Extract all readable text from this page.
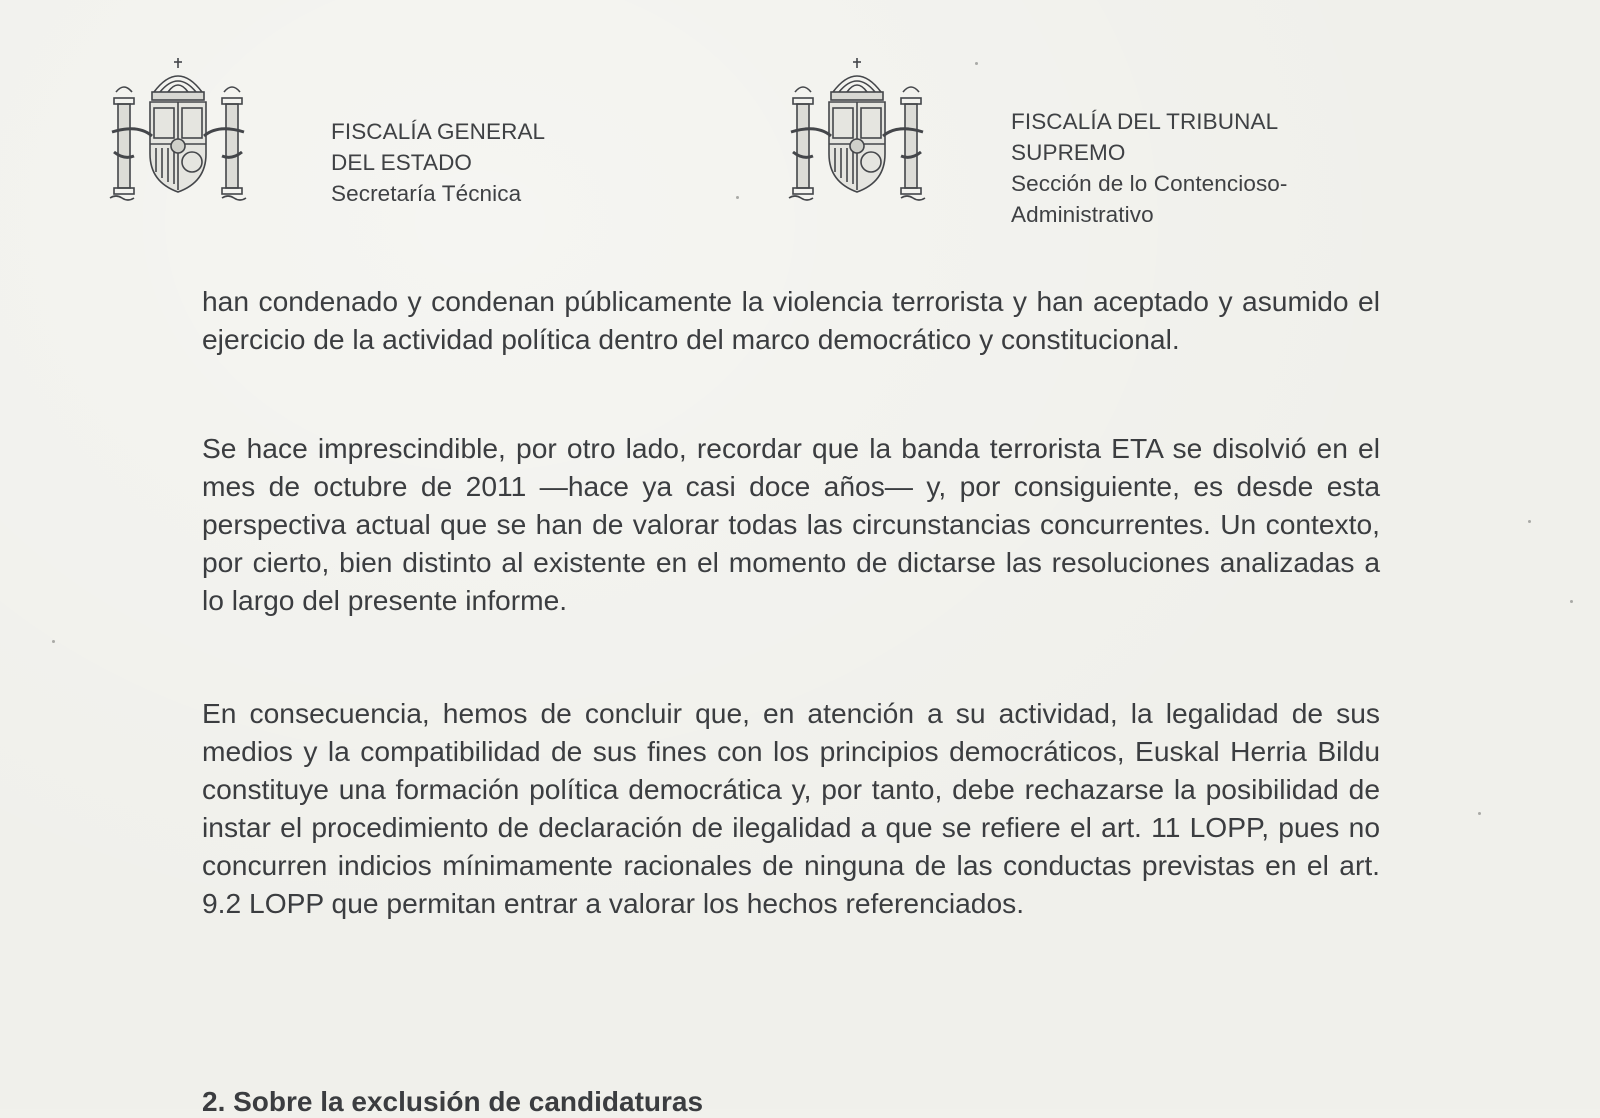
FISCALÍA GENERAL
DEL ESTADO
Secretaría Técnica
FISCALÍA DEL TRIBUNAL
SUPREMO
Sección de lo Contencioso-
Administrativo

han condenado y condenan públicamente la violencia terrorista y han aceptado y asumido el ejercicio de la actividad política dentro del marco democrático y constitucional.

Se hace imprescindible, por otro lado, recordar que la banda terrorista ETA se disolvió en el mes de octubre de 2011 —hace ya casi doce años— y, por consiguiente, es desde esta perspectiva actual que se han de valorar todas las circunstancias concurrentes. Un contexto, por cierto, bien distinto al existente en el momento de dictarse las resoluciones analizadas a lo largo del presente informe.

En consecuencia, hemos de concluir que, en atención a su actividad, la legalidad de sus medios y la compatibilidad de sus fines con los principios democráticos, Euskal Herria Bildu constituye una formación política democrática y, por tanto, debe rechazarse la posibilidad de instar el procedimiento de declaración de ilegalidad a que se refiere el art. 11 LOPP, pues no concurren indicios mínimamente racionales de ninguna de las conductas previstas en el art. 9.2 LOPP que permitan entrar a valorar los hechos referenciados.

2. Sobre la exclusión de candidaturas
